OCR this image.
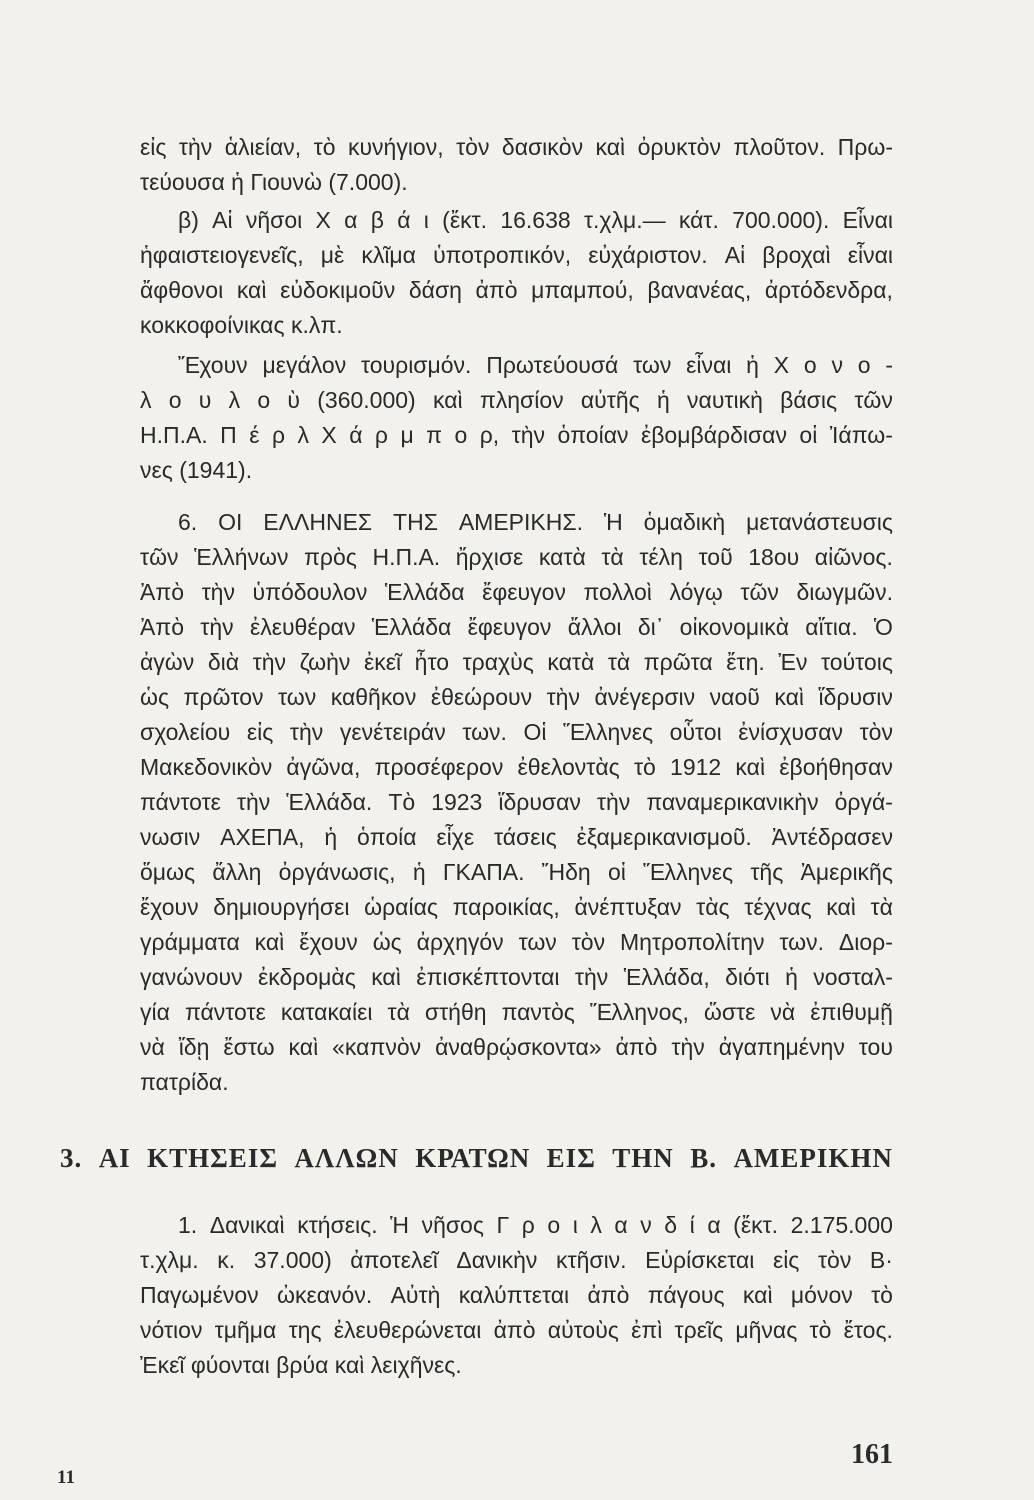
εἰς τὴν ἁλιείαν, τὸ κυνήγιον, τὸν δασικὸν καὶ ὀρυκτὸν πλοῦτον. Πρω-
τεύουσα ἡ Γιουνὼ (7.000).
β) Αἱ νῆσοι Χ α β ά ι (ἔκτ. 16.638 τ.χλμ.— κάτ. 700.000). Εἶναι
ἡφαιστειογενεῖς, μὲ κλῖμα ὑποτροπικόν, εὐχάριστον. Αἱ βροχαὶ εἶναι
ἄφθονοι καὶ εὐδοκιμοῦν δάση ἀπὸ μπαμπού, βανανέας, ἀρτόδενδρα,
κοκκοφοίνικας κ.λπ.
Ἔχουν μεγάλον τουρισμόν. Πρωτεύουσά των εἶναι ἡ Χ ο ν ο -
λ ο υ λ ο ὺ (360.000) καὶ πλησίον αὐτῆς ἡ ναυτικὴ βάσις τῶν
Η.Π.Α. Π έ ρ λ Χ ά ρ μ π ο ρ, τὴν ὁποίαν ἐβομβάρδισαν οἱ Ἰάπω-
νες (1941).
6. ΟΙ ΕΛΛΗΝΕΣ ΤΗΣ ΑΜΕΡΙΚΗΣ. Ἡ ὁμαδικὴ μετανάστευσις
τῶν Ἑλλήνων πρὸς Η.Π.Α. ἤρχισε κατὰ τὰ τέλη τοῦ 18ου αἰῶνος.
Ἀπὸ τὴν ὑπόδουλον Ἑλλάδα ἔφευγον πολλοὶ λόγῳ τῶν διωγμῶν.
Ἀπὸ τὴν ἐλευθέραν Ἑλλάδα ἔφευγον ἄλλοι δι᾽ οἰκονομικὰ αἴτια. Ὁ
ἀγὼν διὰ τὴν ζωὴν ἐκεῖ ἦτο τραχὺς κατὰ τὰ πρῶτα ἔτη. Ἐν τούτοις
ὡς πρῶτον των καθῆκον ἐθεώρουν τὴν ἀνέγερσιν ναοῦ καὶ ἵδρυσιν
σχολείου εἰς τὴν γενέτειράν των. Οἱ Ἕλληνες οὗτοι ἐνίσχυσαν τὸν
Μακεδονικὸν ἀγῶνα, προσέφερον ἐθελοντὰς τὸ 1912 καὶ ἐβοήθησαν
πάντοτε τὴν Ἑλλάδα. Τὸ 1923 ἵδρυσαν τὴν παναμερικανικὴν ὀργά-
νωσιν ΑΧΕΠΑ, ἡ ὁποία εἶχε τάσεις ἐξαμερικανισμοῦ. Ἀντέδρασεν
ὅμως ἄλλη ὀργάνωσις, ἡ ΓΚΑΠΑ. Ἤδη οἱ Ἕλληνες τῆς Ἀμερικῆς
ἔχουν δημιουργήσει ὡραίας παροικίας, ἀνέπτυξαν τὰς τέχνας καὶ τὰ
γράμματα καὶ ἔχουν ὡς ἀρχηγόν των τὸν Μητροπολίτην των. Διορ-
γανώνουν ἐκδρομὰς καὶ ἐπισκέπτονται τὴν Ἑλλάδα, διότι ἡ νοσταλ-
γία πάντοτε κατακαίει τὰ στήθη παντὸς Ἕλληνος, ὥστε νὰ ἐπιθυμῇ
νὰ ἴδῃ ἔστω καὶ «καπνὸν ἀναθρῴσκοντα» ἀπὸ τὴν ἀγαπημένην του
πατρίδα.
3. ΑΙ ΚΤΗΣΕΙΣ ΑΛΛΩΝ ΚΡΑΤΩΝ ΕΙΣ ΤΗΝ Β. ΑΜΕΡΙΚΗΝ
1. Δανικαὶ κτήσεις. Ἡ νῆσος Γ ρ ο ι λ α ν δ ί α (ἔκτ. 2.175.000
τ.χλμ. κ. 37.000) ἀποτελεῖ Δανικὴν κτῆσιν. Εὑρίσκεται εἰς τὸν Β·
Παγωμένον ὠκεανόν. Αὐτὴ καλύπτεται ἀπὸ πάγους καὶ μόνον τὸ
νότιον τμῆμα της ἐλευθερώνεται ἀπὸ αὐτοὺς ἐπὶ τρεῖς μῆνας τὸ ἔτος.
Ἐκεῖ φύονται βρύα καὶ λειχῆνες.
161
11
